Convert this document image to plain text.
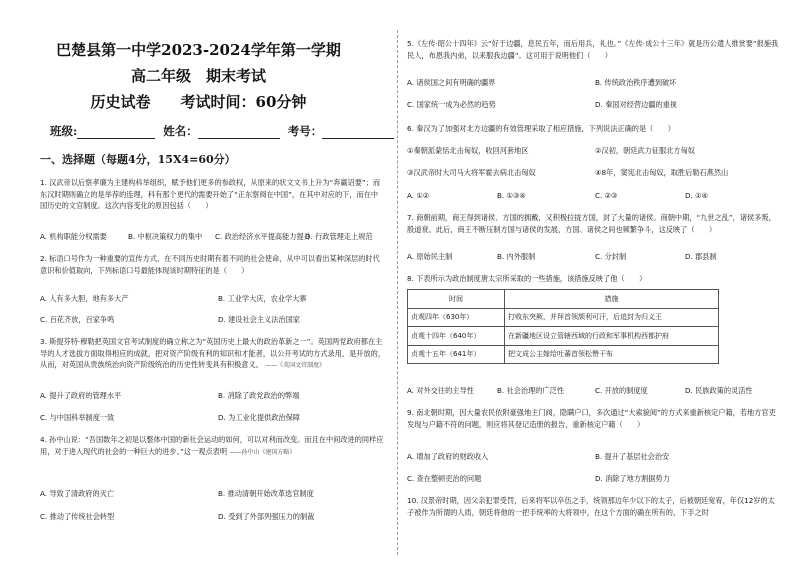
巴楚县第一中学2023-2024学年第一学期
高二年级　期末考试
历史试卷　　考试时间：60分钟
班级:	姓名：	考号：
一、选择题（每题4分，15X4=60分）
1. 汉武帝以后察孝廉为主建构科举组织，赋予他们更多的参政权，从原来的状文文书上升为“奔赢诏要”；而东汉时期则确立的是举荐的连理，科有那个更代的需要开始了“正东察阅在中国”，在其中对应的下，而在中国历史的文官制度。这次内容变化的原因包括（　　）
A. 机构职能分权需要	B. 中枢决策权力的集中 C. 政治经济水平提高能力提升
D. 行政管理走上规范
2. 标语口号作为一种重要的宣传方式，在不同历史时期有着不同的社会使命，从中可以看出某种深层的时代意识和价值取向，下列标语口号最能体现该时期特征的是（　　）
A. 人有多大胆，地有多大产	B. 工业学大庆，农业学大寨
C. 百花齐放，百家争鸣	D. 建设社会主义法治国家
3. 斯提芬特·穆勒把英国文官考试制度的确立称之为“英国历史上最大的政治革新之一”。英国两党政府都在主导的人才选拔方面取得相应的成就，把对资产阶级有利的知识和才能者，以公开考试的方式录用，是开放的，从而，对英国从贵族统治向资产阶级统治的历史性转变具有积极意义。 ——《英国文官制度》
A. 提升了政府的管理水平	B. 消除了政党政治的弊端
C. 与中国科举制度一致	D. 为工业化提供政治保障
4. 孙中山说：“吾国数年之初是以整体中国的新社会运动的如何，可以对利而改变。而且在中间改进的同样应用，对于进入现代的社会的一种巨大的进步。”这一观点表明 ——孙中山《建国方略》
A. 导致了清政府的灭亡	B. 推动清朝开始改革选官制度
C. 推动了传统社会转型	D. 受到了外部列强压力的制裁
5.《左传·昭公十四年》云“好于边疆，息民五年，而后用兵，礼也。”《左传·成公十三年》就是历公遣人推赏要“报施我民人，布恩我内弟，以来服我边疆”。这可用于说明他们（　　）
A. 诸侯国之间有明确的疆界	B. 传统政治秩序遭到破坏
C. 国家统一成为必然的趋势	D. 秦国对经营边疆的重视
6. 秦汉为了加强对北方边疆的有效管理采取了相应措施，下列说法正确的是（　　）
①秦朝派蒙恬北击匈奴，收回河套地区	②汉初，朝廷武力征服北方匈奴
③汉武帝时大司马大将军霍去病北击匈奴	④8年，窦宪北击匈奴，取胜后勒石燕然山
A. ①②	B. ①③④	C. ②③	D. ①④
7. 商朝前期，商王得到诸侯、方国的拥戴，又积极拉拢方国，封了大量的诸侯。商朝中期，“九世之乱”，诸侯多叛，殷道衰。此后，商王不断压制方国与诸侯的发展，方国、诸侯之间也频繁争斗，这反映了（　　）
A. 原始民主制	B. 内外服制	C. 分封制	D. 郡县制
8. 下表所示为政治制度唐太宗所采取的一些措施，该措施反映了他（　　）
时间	措施
贞观四年（630年）	打败东突厥，并拜首领颉利可汗，后追封为归义王
贞观十四年（640年）	在新疆地区设立管辖西域的行政和军事机构西都护府
贞观十五年（641年）	把文成公主嫁给吐蕃首领松赞干布
A. 对外交往的主导性	B. 社会治理的广泛性	C. 开放的制度度	D. 民族政策的灵活性
9. 南北朝时期，因大量农民依附豪强地主门阀，隐瞒户口，多次通过“大索貌阅”的方式来重新核定户籍，若地方官吏发现与户籍不符的问题，则应将其登记造册的报告，重新核定户籍（　　）
A. 增加了政府的财政收入	B. 提升了基层社会治安
C. 查在整顿吏治的问题	D. 消除了地方割据势力
10. 汉景帝时期，因父亲犯罪受罚，后来将军以卒伍之手，统领那边年少以下的太子，后被朝廷宽宥，年仅12岁的太子被作为所谓的人质，朝廷将他的一把手统率的大将领中，在这个方面的确在所有的，下手之时
